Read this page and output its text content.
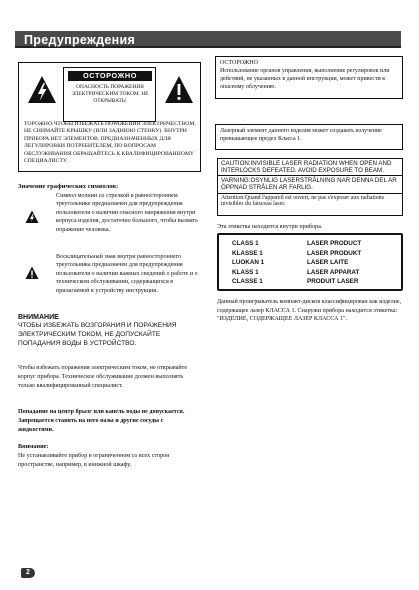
Предупреждения
ОСТОРОЖНО
ОПАСНОСТЬ ПОРАЖЕНИЯ ЭЛЕКТРИЧЕСКИМ ТОКОМ. НЕ ОТКРЫВАТЬ!
ТОРОЖНО:ЧТОБЫ ИЗБЕЖАТЬ ПОРАЖЕНИЯ ЭЛЕКТРИЧЕСТВОМ, НЕ СНИМАЙТЕ КРЫШКУ (ИЛИ ЗАДНЮЮ СТЕНКУ). ВНУТРИ ПРИБОРА НЕТ ЭЛЕМЕНТОВ, ПРЕДНАЗНАЧЕННЫХ ДЛЯ ЛЕГУЛИРОВКИ ПОТРЕБИТЕЛЕМ, ПО ВОПРОСАМ ОБСЛУЖИВАНИЯ ОБРАЩАЙТЕСЬ К КВАЛИФИЦИРОВАННОМУ СПЕЦИАЛИСТУ.
Значение графических символов:
Символ молнии со стрелкой в равностороннем треугольнике предназначен для предупреждения пользователя о наличии опасного напряжения внутри корпуса изделия, достаточно большого, чтобы вызвать поражение человека.
Восклицательный знак внутри равностороннего треугольника предназначен для предупреждения пользователя о наличии важных сведений о работе и о техническом обслуживании, содержащихся в прилагаемой к устройству инструкции.
ВНИМАНИЕ
ЧТОБЫ ИЗБЕЖАТЬ ВОЗГОРАНИЯ И ПОРАЖЕНИЯ ЭЛЕКТРИЧЕСКИМ ТОКОМ, НЕ ДОПУСКАЙТЕ ПОПАДАНИЯ ВОДЫ В УСТРОЙСТВО.
Чтобы избежать поражения электрическим током, не открывайте корпус прибора. Техническое обслуживание должен выполнять только квалифицированный специалист.
Попадание на центр брызг или капель воды не допускается. Запрещается ставить на него вазы и другие сосуды с жидкостями.
Внимание:
Не устанавливайте прибор в ограниченном со всех сторон пространстве, например, в книжной шкафу.
ОСТОРОЖНО
Использование органов управления, выполнение регулировок или действий, не указанных в данной инструкции, может привести к опасному облучению.
Лазерный элемент данного изделия может создавать излучение превышающее предел Класса 1.
CAUTION:INVISIBLE LASER RADIATION WHEN OPEN AND INTERLOCKS DEFEATED. AVOID EXPOSURE TO BEAM.
VARNING:OSYNLIG LASERSTRÅLNING NAR DENNA DEL AR ÖPPNAD STRÅLEN AR FARLIG.
Attention:Quand l'appareil est ouvert, ne pas s'exposer aux radiations invisibles du faisceau laser.
Эта этикетка находится внутри прибора.
CLASS 1	LASER PRODUCT
KLASSE 1	LASER PRODUKT
LUOKAN 1	LASER LAITE
KLASS 1	LASER APPARAT
CLASSE 1	PRODUIT LASER
Данный проигрыватель компакт-дисков классифицирован как изделие, содержащее лазер КЛАССА 1. Снаружи прибора находится этикетка: "ИЗДЕЛИЕ, СОДЕРЖАЩЕЕ ЛАЗЕР КЛАССА 1".
2
